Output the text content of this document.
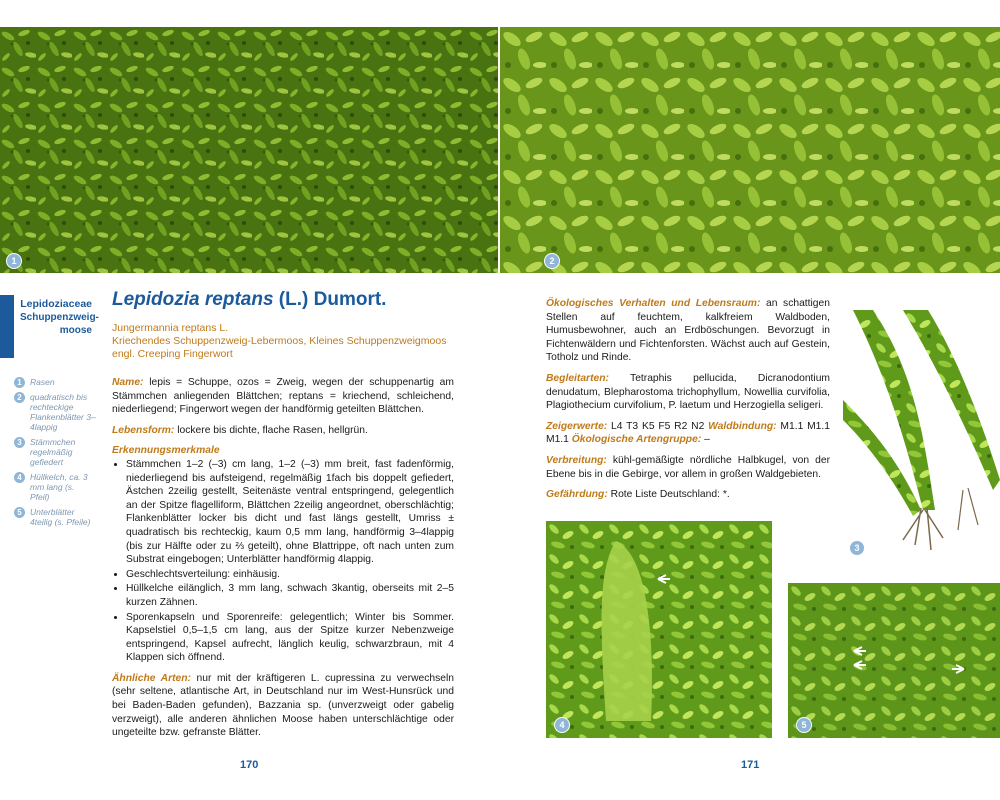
1	2
Lepidoziaceae
Schuppenzweig-moose
Lepidozia reptans (L.) Dumort.
Jungermannia reptans L.
Kriechendes Schuppenzweig-Lebermoos, Kleines Schuppenzweigmoos
engl. Creeping Fingerwort
1 Rasen
2 quadratisch bis rechteckige Flankenblätter 3–4lappig
3 Stämmchen regelmäßig gefiedert
4 Hüllkelch, ca. 3 mm lang (s. Pfeil)
5 Unterblätter 4teilig (s. Pfeile)

Name: lepis = Schuppe, ozos = Zweig, wegen der schuppenartig am Stämmchen anliegenden Blättchen; reptans = kriechend, schleichend, niederliegend; Fingerwort wegen der handförmig geteilten Blättchen.

Lebensform: lockere bis dichte, flache Rasen, hellgrün.

Erkennungsmerkmale
• Stämmchen 1–2 (–3) cm lang, 1–2 (–3) mm breit, fast fadenförmig, niederliegend bis aufsteigend, regelmäßig 1fach bis doppelt gefiedert, Ästchen 2zeilig gestellt, Seitenäste ventral entspringend, gelegentlich an der Spitze flagelliform, Blättchen 2zeilig angeordnet, oberschlächtig; Flankenblätter locker bis dicht und fast längs gestellt, Umriss ± quadratisch bis rechteckig, kaum 0,5 mm lang, handförmig 3–4lappig (bis zur Hälfte oder zu ⅔ geteilt), ohne Blattrippe, oft nach unten zum Substrat eingebogen; Unterblätter handförmig 4lappig.
• Geschlechtsverteilung: einhäusig.
• Hüllkelche eilänglich, 3 mm lang, schwach 3kantig, oberseits mit 2–5 kurzen Zähnen.
• Sporenkapseln und Sporenreife: gelegentlich; Winter bis Sommer. Kapselstiel 0,5–1,5 cm lang, aus der Spitze kurzer Nebenzweige entspringend, Kapsel aufrecht, länglich keulig, schwarzbraun, mit 4 Klappen sich öffnend.

Ähnliche Arten: nur mit der kräftigeren L. cupressina zu verwechseln (sehr seltene, atlantische Art, in Deutschland nur im West-Hunsrück und bei Baden-Baden gefunden), Bazzania sp. (unverzweigt oder gabelig verzweigt), alle anderen ähnlichen Moose haben unterschlächtige oder ungeteilte bzw. gefranste Blätter.

170

Ökologisches Verhalten und Lebensraum: an schattigen Stellen auf feuchtem, kalkfreiem Waldboden, Humusbewohner, auch an Erdböschungen. Bevorzugt in Fichtenwäldern und Fichtenforsten. Wächst auch auf Gestein, Totholz und Rinde.

Begleitarten: Tetraphis pellucida, Dicranodontium denudatum, Blepharostoma trichophyllum, Nowellia curvifolia, Plagiothecium curvifolium, P. laetum und Herzogiella seligeri.

Zeigerwerte: L4 T3 K5 F5 R2 N2 Waldbindung: M1.1 M1.1 M1.1 Ökologische Artengruppe: –

Verbreitung: kühl-gemäßigte nördliche Halbkugel, von der Ebene bis in die Gebirge, vor allem in großen Waldgebieten.

Gefährdung: Rote Liste Deutschland: *.

3
4	5
171
